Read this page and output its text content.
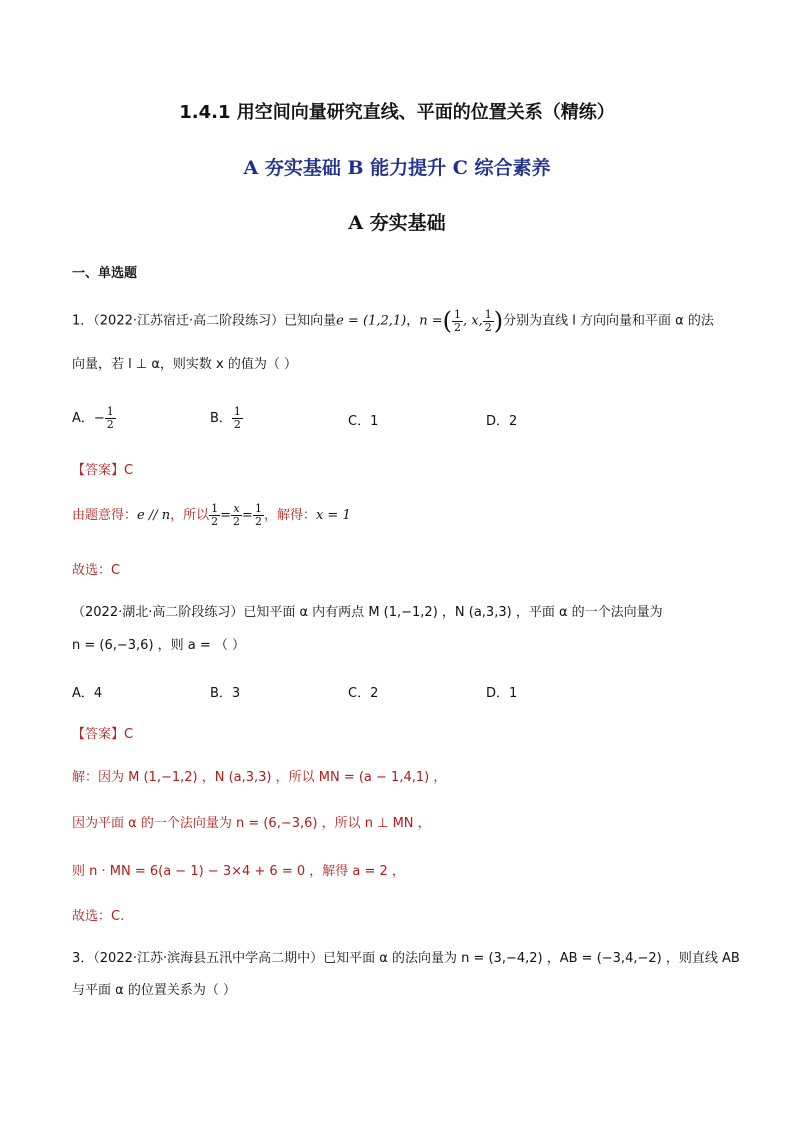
1.4.1 用空间向量研究直线、平面的位置关系（精练）
A 夯实基础 B 能力提升 C 综合素养
A 夯实基础
一、单选题
1．（2022·江苏宿迁·高二阶段练习）已知向量e = (1,2,1)，n =( $\frac{1}{2}$ , x, $\frac{1}{2}$ )分别为直线 l 方向向量和平面 α 的法
向量，若 l ⊥ α，则实数 x 的值为（ ）
A．− $\frac{1}{2}$	B． $\frac{1}{2}$	C．1	D．2
【答案】C
由题意得：e // n，所以 $\frac{1}{2} = \frac{x}{2} = \frac{1}{2}$ ，解得：x = 1
故选：C
（2022·湖北·高二阶段练习）已知平面 α 内有两点 M (1,−1,2) ，N (a,3,3) ，平面 α 的一个法向量为
n = (6,−3,6) ，则 a = （ ）
A．4	B．3	C．2	D．1
【答案】C
解：因为 M (1,−1,2) ，N (a,3,3) ，所以 MN = (a − 1,4,1) ，
因为平面 α 的一个法向量为 n = (6,−3,6) ，所以 n ⊥ MN ，
则 n · MN = 6(a − 1) − 3×4 + 6 = 0 ，解得 a = 2 ，
故选：C.
3．（2022·江苏·滨海县五汛中学高二期中）已知平面 α 的法向量为 n = (3,−4,2) ，AB = (−3,4,−2) ，则直线 AB
与平面 α 的位置关系为（ ）
